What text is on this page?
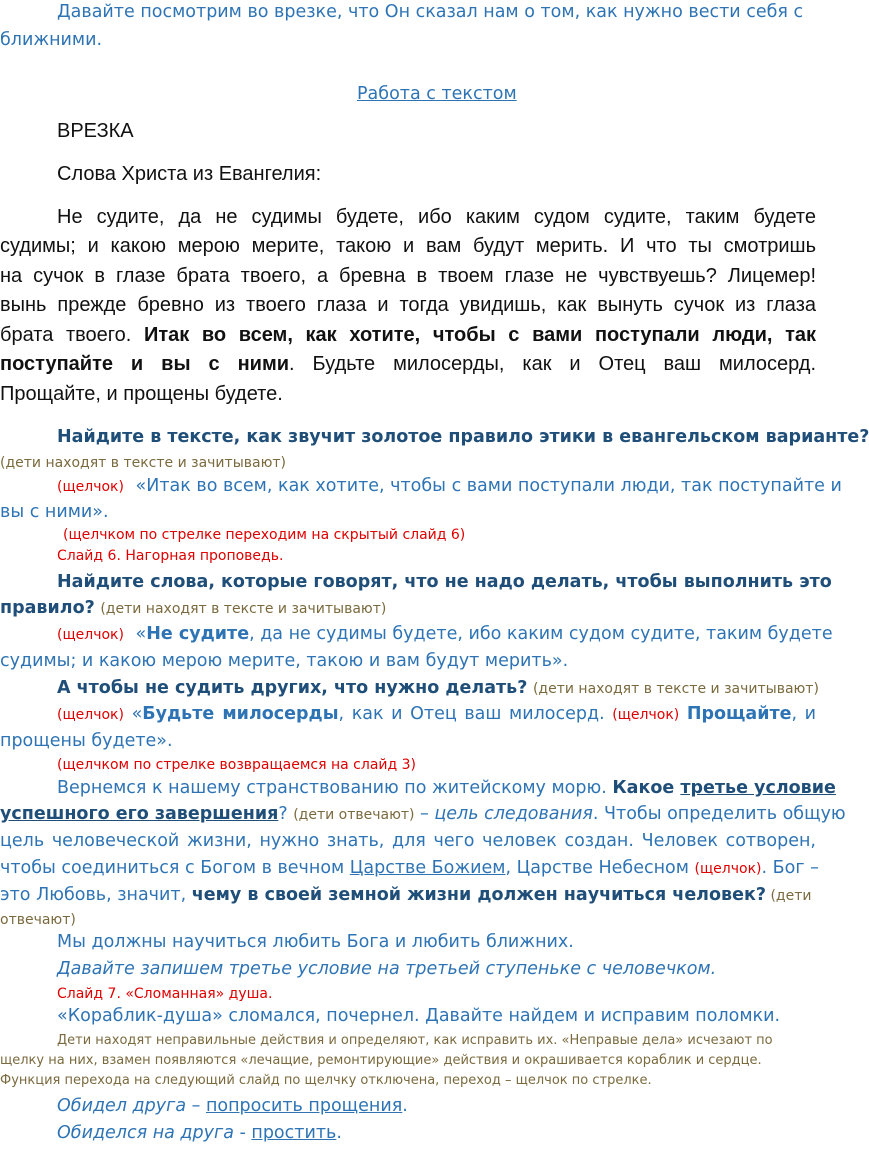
Давайте посмотрим во врезке, что Он сказал нам о том, как нужно вести себя с
ближними.
Работа с текстом
ВРЕЗКА
Слова Христа из Евангелия:
Не судите, да не судимы будете, ибо каким судом судите, таким будете
судимы; и какою мерою мерите, такою и вам будут мерить. И что ты смотришь
на сучок в глазе брата твоего, а бревна в твоем глазе не чувствуешь? Лицемер!
вынь прежде бревно из твоего глаза и тогда увидишь, как вынуть сучок из глаза
брата твоего. Итак во всем, как хотите, чтобы с вами поступали люди, так
поступайте и вы с ними. Будьте милосерды, как и Отец ваш милосерд.
Прощайте, и прощены будете.
Найдите в тексте, как звучит золотое правило этики в евангельском варианте?
(дети находят в тексте и зачитывают)
(щелчок) «Итак во всем, как хотите, чтобы с вами поступали люди, так поступайте и
вы с ними».
(щелчком по стрелке переходим на скрытый слайд 6)
Слайд 6. Нагорная проповедь.
Найдите слова, которые говорят, что не надо делать, чтобы выполнить это
правило? (дети находят в тексте и зачитывают)
(щелчок) «Не судите, да не судимы будете, ибо каким судом судите, таким будете
судимы; и какою мерою мерите, такою и вам будут мерить».
А чтобы не судить других, что нужно делать? (дети находят в тексте и зачитывают)
(щелчок) «Будьте милосерды, как и Отец ваш милосерд. (щелчок) Прощайте, и
прощены будете».
(щелчком по стрелке возвращаемся на слайд 3)
Вернемся к нашему странствованию по житейскому морю. Какое третье условие
успешного его завершения? (дети отвечают) – цель следования. Чтобы определить общую
цель человеческой жизни, нужно знать, для чего человек создан. Человек сотворен,
чтобы соединиться с Богом в вечном Царстве Божием, Царстве Небесном (щелчок). Бог –
это Любовь, значит, чему в своей земной жизни должен научиться человек? (дети
отвечают)
Мы должны научиться любить Бога и любить ближних.
Давайте запишем третье условие на третьей ступеньке с человечком.
Слайд 7. «Сломанная» душа.
«Кораблик-душа» сломался, почернел. Давайте найдем и исправим поломки.
Дети находят неправильные действия и определяют, как исправить их. «Неправые дела» исчезают по
щелку на них, взамен появляются «лечащие, ремонтирующие» действия и окрашивается кораблик и сердце.
Функция перехода на следующий слайд по щелчку отключена, переход – щелчок по стрелке.
Обидел друга – попросить прощения.
Обиделся на друга - простить.
